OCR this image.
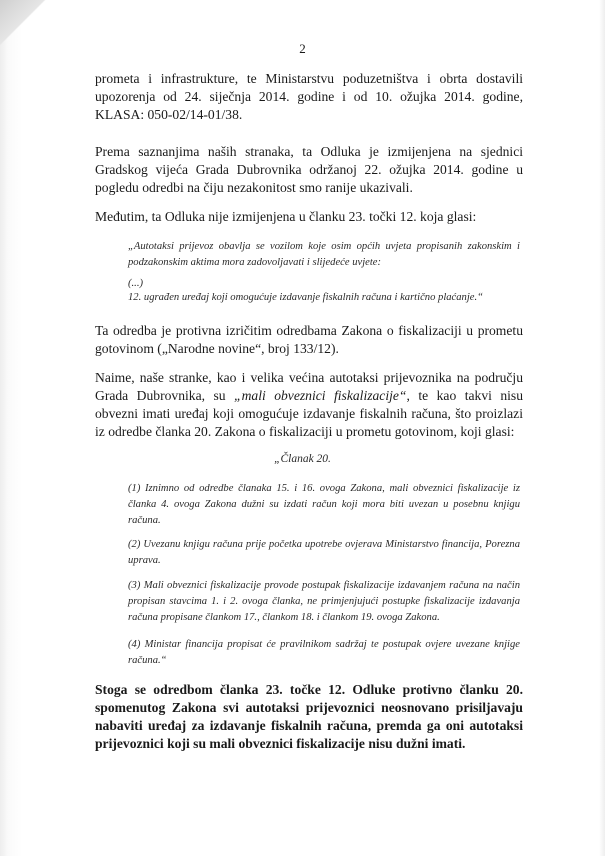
2

prometa i infrastrukture, te Ministarstvu poduzetništva i obrta dostavili upozorenja od 24. siječnja 2014. godine i od 10. ožujka 2014. godine, KLASA: 050-02/14-01/38.

Prema saznanjima naših stranaka, ta Odluka je izmijenjena na sjednici Gradskog vijeća Grada Dubrovnika održanoj 22. ožujka 2014. godine u pogledu odredbi na čiju nezakonitost smo ranije ukazivali.

Međutim, ta Odluka nije izmijenjena u članku 23. točki 12. koja glasi:

„Autotaksi prijevoz obavlja se vozilom koje osim općih uvjeta propisanih zakonskim i podzakonskim aktima mora zadovoljavati i slijedeće uvjete:

(...)

12. ugrađen uređaj koji omogućuje izdavanje fiskalnih računa i kartično plaćanje.“

Ta odredba je protivna izričitim odredbama Zakona o fiskalizaciji u prometu gotovinom („Narodne novine“, broj 133/12).

Naime, naše stranke, kao i velika većina autotaksi prijevoznika na području Grada Dubrovnika, su „mali obveznici fiskalizacije“, te kao takvi nisu obvezni imati uređaj koji omogućuje izdavanje fiskalnih računa, što proizlazi iz odredbe članka 20. Zakona o fiskalizaciji u prometu gotovinom, koji glasi:

„Članak 20.

(1) Iznimno od odredbe članaka 15. i 16. ovoga Zakona, mali obveznici fiskalizacije iz članka 4. ovoga Zakona dužni su izdati račun koji mora biti uvezan u posebnu knjigu računa.

(2) Uvezanu knjigu računa prije početka upotrebe ovjerava Ministarstvo financija, Porezna uprava.

(3) Mali obveznici fiskalizacije provode postupak fiskalizacije izdavanjem računa na način propisan stavcima 1. i 2. ovoga članka, ne primjenjujući postupke fiskalizacije izdavanja računa propisane člankom 17., člankom 18. i člankom 19. ovoga Zakona.

(4) Ministar financija propisat će pravilnikom sadržaj te postupak ovjere uvezane knjige računa.“

Stoga se odredbom članka 23. točke 12. Odluke protivno članku 20. spomenutog Zakona svi autotaksi prijevoznici neosnovano prisiljavaju nabaviti uređaj za izdavanje fiskalnih računa, premda ga oni autotaksi prijevoznici koji su mali obveznici fiskalizacije nisu dužni imati.
